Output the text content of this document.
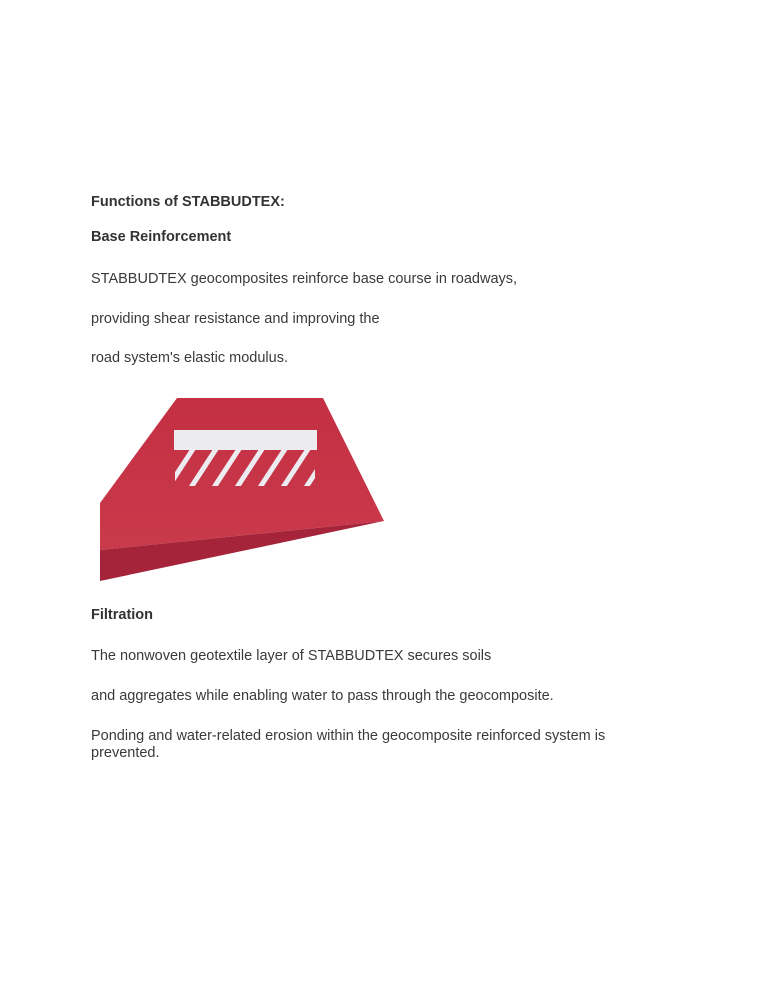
Functions of STABBUDTEX:
Base Reinforcement

STABBUDTEX geocomposites reinforce base course in roadways,

providing shear resistance and improving the

road system's elastic modulus.

Filtration

The nonwoven geotextile layer of STABBUDTEX secures soils

and aggregates while enabling water to pass through the geocomposite.

Ponding and water-related erosion within the geocomposite reinforced system is prevented.
